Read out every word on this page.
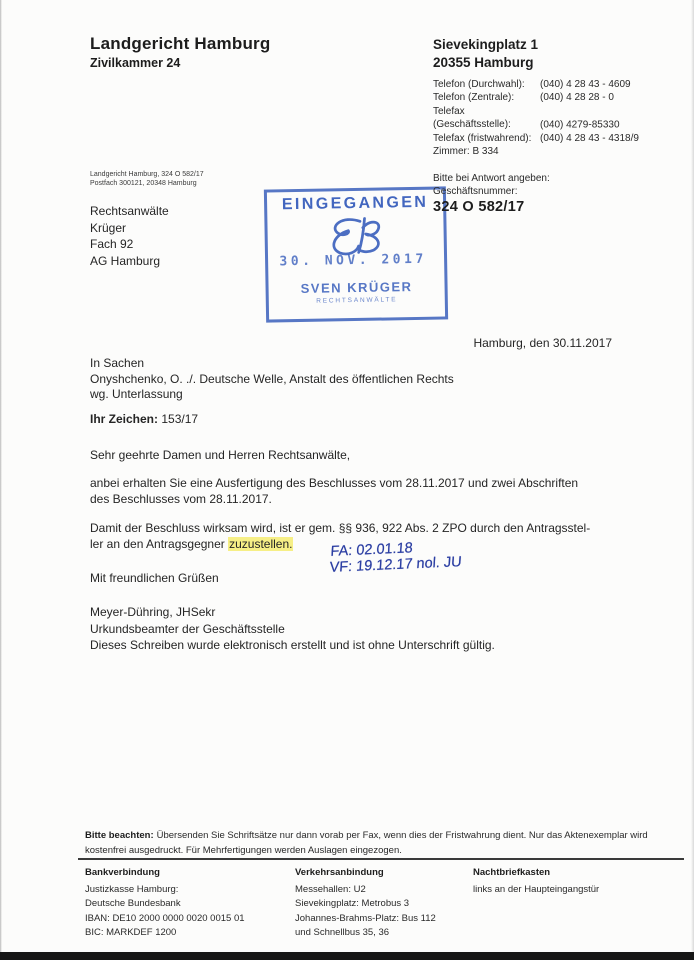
Landgericht Hamburg
Zivilkammer 24
Sievekingplatz 1
20355 Hamburg
Telefon (Durchwahl): (040) 4 28 43 - 4609
Telefon (Zentrale):	(040) 4 28 28 - 0
Telefax (Geschäftsstelle):	(040) 4279-85330
Telefax (fristwahrend): (040) 4 28 43 - 4318/9
Zimmer: B 334
Landgericht Hamburg, 324 O 582/17
Postfach 300121, 20348 Hamburg
Rechtsanwälte
Krüger
Fach 92
AG Hamburg
EINGEGANGEN
30. NOV. 2017
SVEN KRÜGER
RECHTSANWÄLTE
Bitte bei Antwort angeben:
Geschäftsnummer:
324 O 582/17
Hamburg, den 30.11.2017
In Sachen
Onyshchenko, O. ./. Deutsche Welle, Anstalt des öffentlichen Rechts
wg. Unterlassung
Ihr Zeichen: 153/17
Sehr geehrte Damen und Herren Rechtsanwälte,
anbei erhalten Sie eine Ausfertigung des Beschlusses vom 28.11.2017 und zwei Abschriften
des Beschlusses vom 28.11.2017.
Damit der Beschluss wirksam wird, ist er gem. §§ 936, 922 Abs. 2 ZPO durch den Antragsstel-
ler an den Antragsgegner zuzustellen.	FA: 02.01.18
VF: 19.12.17 nol. JU
Mit freundlichen Grüßen
Meyer-Dühring, JHSekr
Urkundsbeamter der Geschäftsstelle
Dieses Schreiben wurde elektronisch erstellt und ist ohne Unterschrift gültig.
Bitte beachten: Übersenden Sie Schriftsätze nur dann vorab per Fax, wenn dies der Fristwahrung dient. Nur das Aktenexemplar wird
kostenfrei ausgedruckt. Für Mehrfertigungen werden Auslagen eingezogen.
Bankverbindung
Justizkasse Hamburg:
Deutsche Bundesbank
IBAN: DE10 2000 0000 0020 0015 01
BIC: MARKDEF 1200
Verkehrsanbindung
Messehallen: U2
Sievekingplatz: Metrobus 3
Johannes-Brahms-Platz: Bus 112
und Schnellbus 35, 36
Nachtbriefkasten
links an der Haupteingangstür
